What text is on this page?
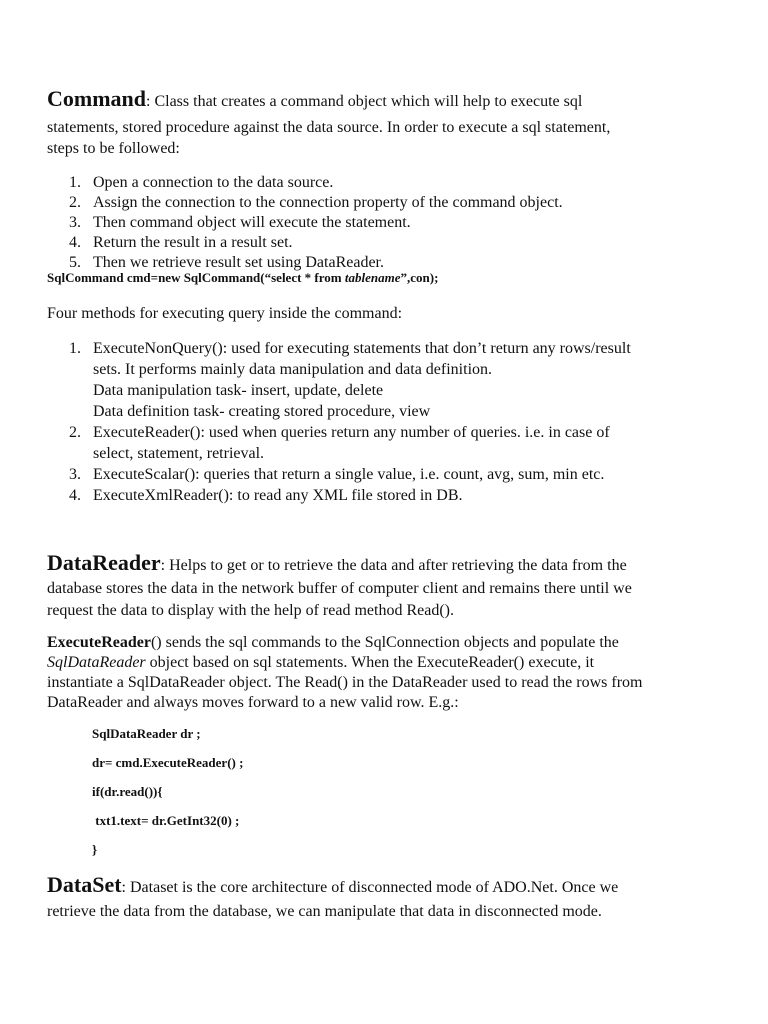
Command: Class that creates a command object which will help to execute sql
statements, stored procedure against the data source. In order to execute a sql statement,
steps to be followed:
1. Open a connection to the data source.
2. Assign the connection to the connection property of the command object.
3. Then command object will execute the statement.
4. Return the result in a result set.
5. Then we retrieve result set using DataReader.
SqlCommand cmd=new SqlCommand(“select * from tablename”,con);
Four methods for executing query inside the command:
1. ExecuteNonQuery(): used for executing statements that don’t return any rows/result
sets. It performs mainly data manipulation and data definition.
Data manipulation task- insert, update, delete
Data definition task- creating stored procedure, view
2. ExecuteReader(): used when queries return any number of queries. i.e. in case of
select, statement, retrieval.
3. ExecuteScalar(): queries that return a single value, i.e. count, avg, sum, min etc.
4. ExecuteXmlReader(): to read any XML file stored in DB.
DataReader: Helps to get or to retrieve the data and after retrieving the data from the
database stores the data in the network buffer of computer client and remains there until we
request the data to display with the help of read method Read().
ExecuteReader() sends the sql commands to the SqlConnection objects and populate the
SqlDataReader object based on sql statements. When the ExecuteReader() execute, it
instantiate a SqlDataReader object. The Read() in the DataReader used to read the rows from
DataReader and always moves forward to a new valid row. E.g.:
SqlDataReader dr ;
dr= cmd.ExecuteReader() ;
if(dr.read()){
txt1.text= dr.GetInt32(0) ;
}
DataSet: Dataset is the core architecture of disconnected mode of ADO.Net. Once we
retrieve the data from the database, we can manipulate that data in disconnected mode.
